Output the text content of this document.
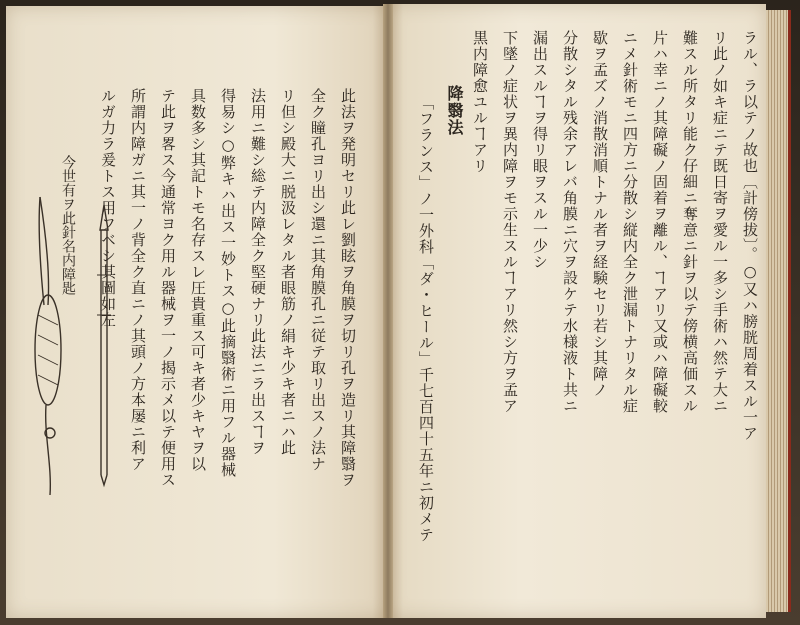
ラル、ラ以テノ故也〔計傍拔〕。○又ハ膀胱周着スル一ア
リ此ノ如キ症ニテ既日寄ヲ愛ル一多シ手術ハ然テ大ニ
難スル所タリ能ク仔細ニ奪意ニ針ヲ以テ傍横高価スル
片ハ幸ニノ其障礙ノ固着ヲ離ル、ヿアリ又或ハ障礙較
ニメ針術モニ四方ニ分散シ縦内全ク泄漏トナリタル症
歇ヲ孟ズノ消散消順トナル者ヲ経験セリ若シ其障ノ
分散シタル残余アレバ角膜ニ穴ヲ設ケテ水様液ト共ニ
漏出スルヿヲ得リ眼ヲスル一少シ
下墜ノ症状ヲ異内障ヲモ示生スルヿアリ然シ方ヲ孟ア
黒内障愈ユルヿアリ
降翳法
「フランス」ノ一外科「ダ・ヒール」千七百四十五年ニ初メテ
此法ヲ発明セリ此レ劉眩ヲ角膜ヲ切リ孔ヲ造リ其障翳ヲ
全ク瞳孔ヨリ出シ還ニ其角膜孔ニ従テ取リ出スノ法ナ
リ但シ殿大ニ脱汲レタル者眼筋ノ絹キ少キ者ニハ此
法用ニ難シ総テ内障全ク堅硬ナリ此法ニラ出スヿヲ
得易シ○弊キハ出ス一妙トス○此摘翳術ニ用フル器械
具数多シ其記トモ名存スレ圧貴重ス可キ者少キヤヲ以
テ此ヲ畧ス今通常ヨク用ル器械ヲ一ノ揭示メ以テ便用ス
所謂内障ガニ其一ノ背全ク直ニノ其頭ノ方本屡ニ利ア
ルガ力ラ爰トス用フベシ其圖如左
今世有ヲ此針名内障匙
